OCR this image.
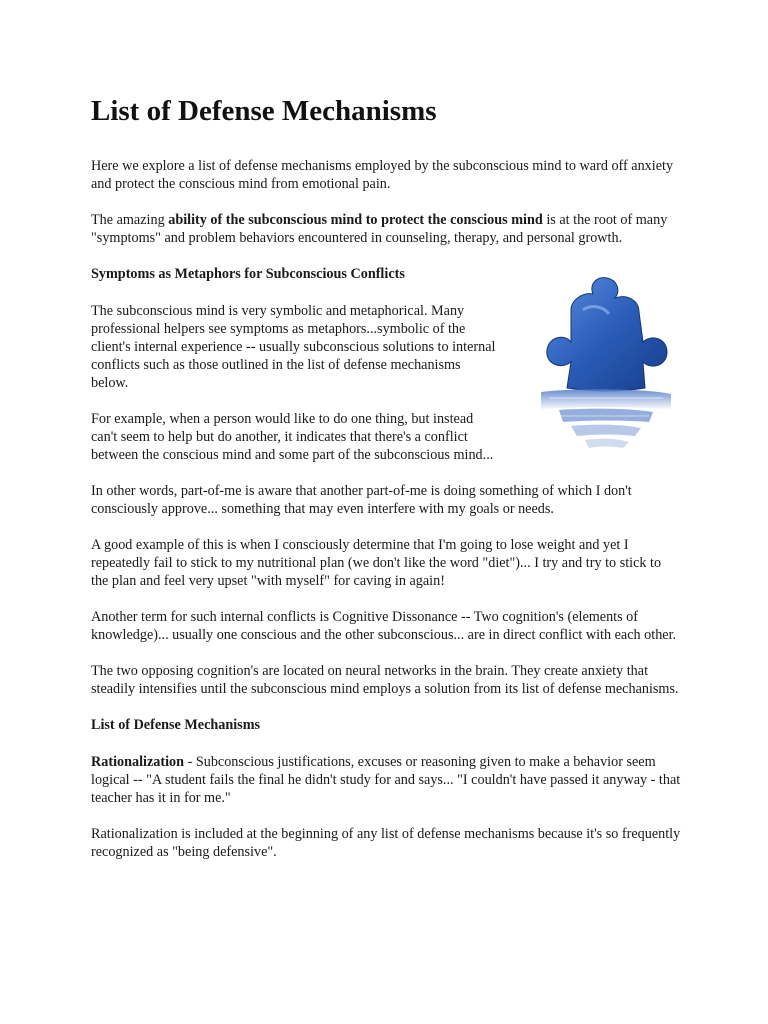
List of Defense Mechanisms

Here we explore a list of defense mechanisms employed by the subconscious mind to ward off anxiety and protect the conscious mind from emotional pain.

The amazing ability of the subconscious mind to protect the conscious mind is at the root of many "symptoms" and problem behaviors encountered in counseling, therapy, and personal growth.

Symptoms as Metaphors for Subconscious Conflicts

The subconscious mind is very symbolic and metaphorical. Many professional helpers see symptoms as metaphors...symbolic of the client's internal experience -- usually subconscious solutions to internal conflicts such as those outlined in the list of defense mechanisms below.

For example, when a person would like to do one thing, but instead can't seem to help but do another, it indicates that there's a conflict between the conscious mind and some part of the subconscious mind...

In other words, part-of-me is aware that another part-of-me is doing something of which I don't consciously approve... something that may even interfere with my goals or needs.

A good example of this is when I consciously determine that I'm going to lose weight and yet I repeatedly fail to stick to my nutritional plan (we don't like the word "diet")... I try and try to stick to the plan and feel very upset "with myself" for caving in again!

Another term for such internal conflicts is Cognitive Dissonance -- Two cognition's (elements of knowledge)... usually one conscious and the other subconscious... are in direct conflict with each other.

The two opposing cognition's are located on neural networks in the brain. They create anxiety that steadily intensifies until the subconscious mind employs a solution from its list of defense mechanisms.

List of Defense Mechanisms

Rationalization - Subconscious justifications, excuses or reasoning given to make a behavior seem logical -- "A student fails the final he didn't study for and says... "I couldn't have passed it anyway - that teacher has it in for me."

Rationalization is included at the beginning of any list of defense mechanisms because it's so frequently recognized as "being defensive".
